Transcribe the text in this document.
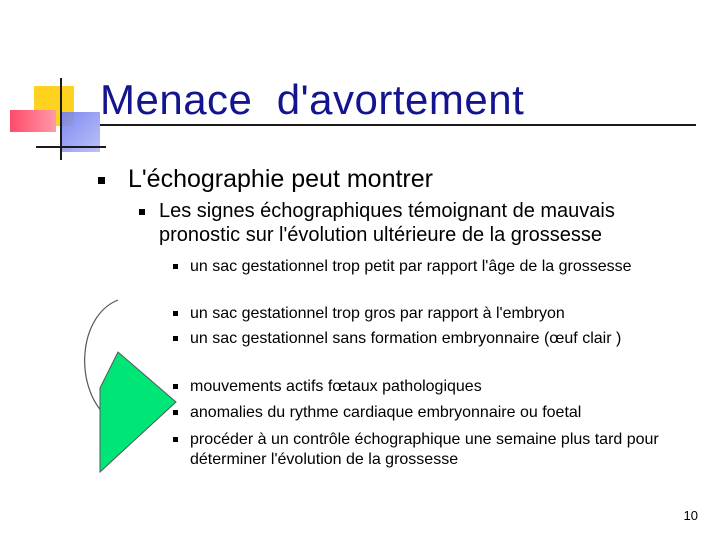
Menace  d'avortement
L'échographie peut montrer
Les signes échographiques témoignant de mauvais pronostic sur l'évolution ultérieure de la grossesse
un sac gestationnel trop petit par rapport l'âge de la grossesse
un sac gestationnel trop gros par rapport à l'embryon
un sac gestationnel sans formation embryonnaire (œuf clair )
mouvements actifs fœtaux pathologiques
anomalies du rythme cardiaque embryonnaire ou foetal
procéder à un contrôle échographique une semaine plus tard pour déterminer l'évolution de la grossesse
10
